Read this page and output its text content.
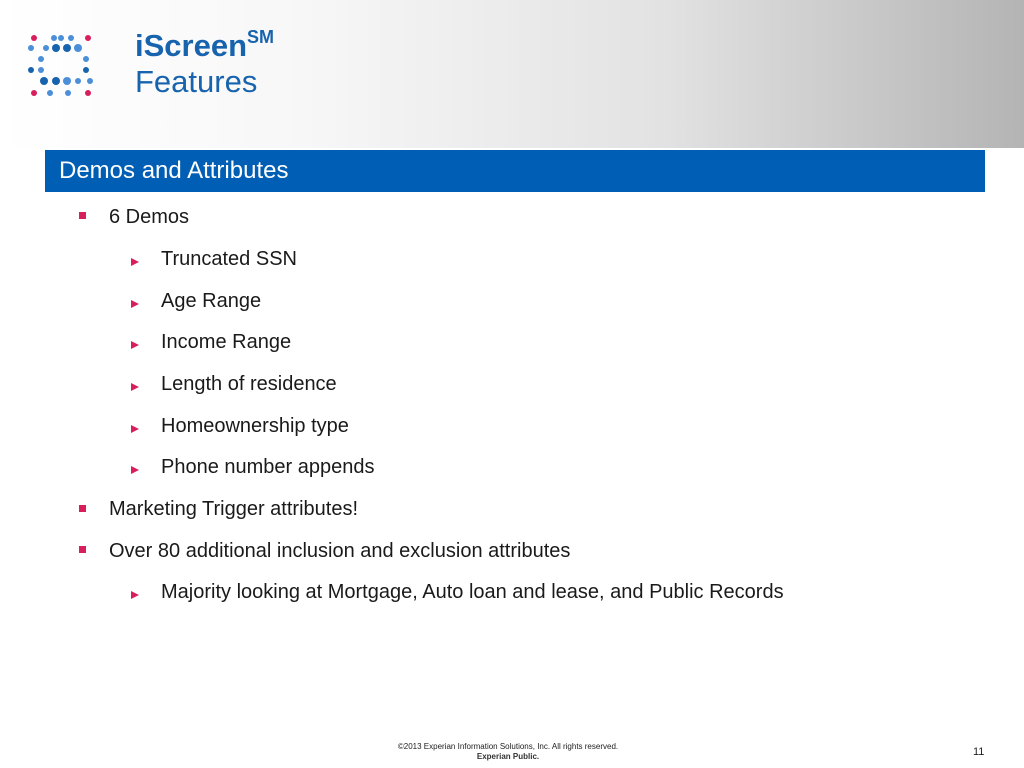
iScreen℠
Features
Demos and Attributes
6 Demos
Truncated SSN
Age Range
Income Range
Length of residence
Homeownership type
Phone number appends
Marketing Trigger attributes!
Over 80 additional inclusion and exclusion attributes
Majority looking at Mortgage, Auto loan and lease, and Public Records
©2013 Experian Information Solutions, Inc. All rights reserved.
Experian Public.	11
